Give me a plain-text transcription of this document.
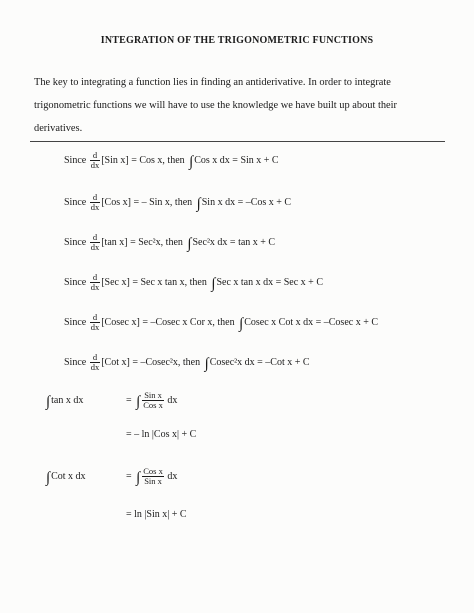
INTEGRATION OF THE TRIGONOMETRIC FUNCTIONS
The key to integrating a function lies in finding an antiderivative. In order to integrate trigonometric functions we will have to use the knowledge we have built up about their derivatives.
Since $\frac{d}{dx} [Sin$ x] = Cos x, then ∫Cos x dx = Sin x + C
Since $\frac{d}{dx} [Cos$ x] = – Sin x, then ∫Sin x dx = –Cos x + C
Since $\frac{d}{dx} [\tan$ x] = Sec²x, then ∫Sec²x dx = tan x + C
Since $\frac{d}{dx} [Sec$ x] = Sec x tan x, then ∫Sec x tan x dx = Sec x + C
Since $\frac{d}{dx} [Cosec$ x] = –Cosec x Cor x, then ∫Cosec x Cot x dx = –Cosec x + C
Since $\frac{d}{dx} [Cot$ x] = –Cosec²x, then ∫Cosec²x dx = –Cot x + C
∫tan x dx	= ∫ $\frac{\text{Sin x}}{\text{Cos x}}$ dx
= – ln |Cos x| + C
∫Cot x dx	= ∫ $\frac{\text{Cos x}}{\text{Sin x}}$ dx
= ln |Sin x| + C
